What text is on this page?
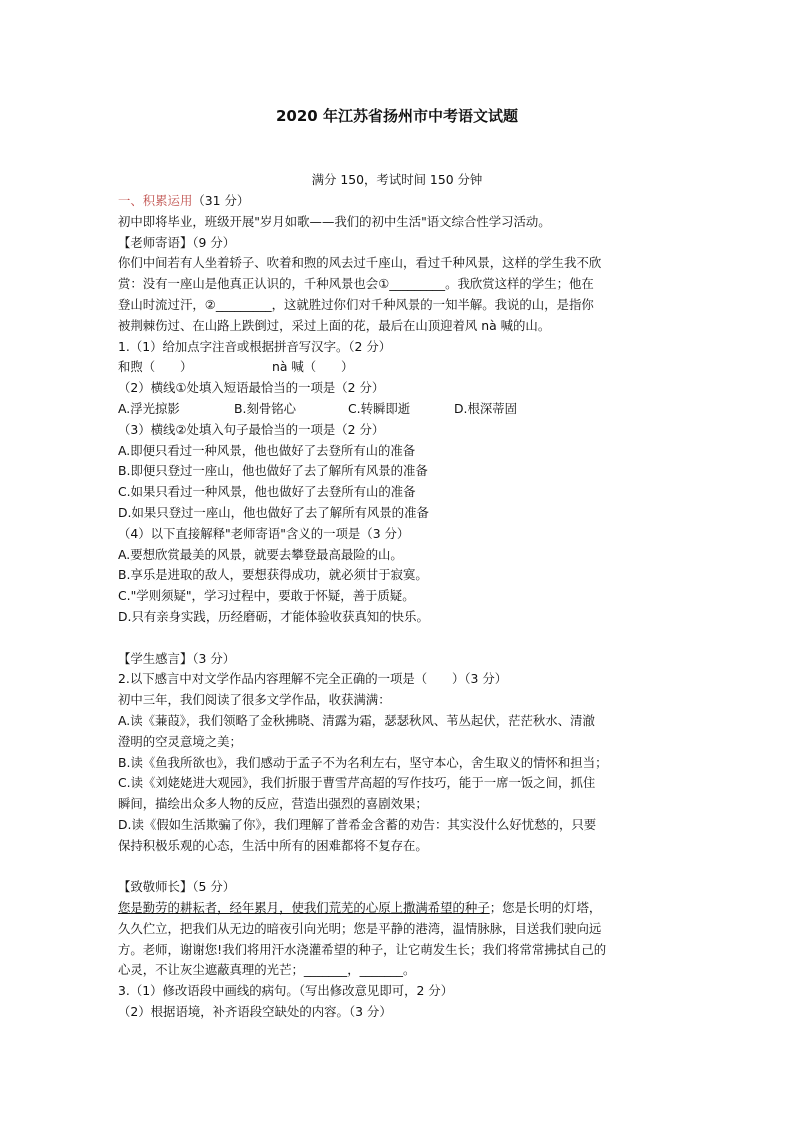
2020 年江苏省扬州市中考语文试题
满分 150，考试时间 150 分钟
一、积累运用（31 分）
初中即将毕业，班级开展"岁月如歌——我们的初中生活"语文综合性学习活动。
【老师寄语】（9 分）
你们中间若有人坐着轿子、吹着和煦的风去过千座山，看过千种风景，这样的学生我不欣
赏：没有一座山是他真正认识的，千种风景也会①_________。我欣赏这样的学生；他在
登山时流过汗，②_________，这就胜过你们对千种风景的一知半解。我说的山，是指你
被荆棘伤过、在山路上跌倒过，采过上面的花，最后在山顶迎着风 nà 喊的山。
1.（1）给加点字注音或根据拼音写汉字。（2 分）
和煦（　　）	nà 喊（　　）
（2）横线①处填入短语最恰当的一项是（2 分）
A.浮光掠影	B.刻骨铭心	C.转瞬即逝	D.根深蒂固
（3）横线②处填入句子最恰当的一项是（2 分）
A.即便只看过一种风景，他也做好了去登所有山的准备
B.即便只登过一座山，他也做好了去了解所有风景的准备
C.如果只看过一种风景，他也做好了去登所有山的准备
D.如果只登过一座山，他也做好了去了解所有风景的准备
（4）以下直接解释"老师寄语"含义的一项是（3 分）
A.要想欣赏最美的风景，就要去攀登最高最险的山。
B.享乐是进取的敌人，要想获得成功，就必须甘于寂寞。
C."学则须疑"，学习过程中，要敢于怀疑，善于质疑。
D.只有亲身实践，历经磨砺，才能体验收获真知的快乐。
【学生感言】（3 分）
2.以下感言中对文学作品内容理解不完全正确的一项是（　　）（3 分）
初中三年，我们阅读了很多文学作品，收获满满：
A.读《蒹葭》，我们领略了金秋拂晓、清露为霜，瑟瑟秋风、苇丛起伏，茫茫秋水、清澈
澄明的空灵意境之美；
B.读《鱼我所欲也》，我们感动于孟子不为名利左右，坚守本心，舍生取义的情怀和担当；
C.读《刘姥姥进大观园》，我们折服于曹雪芹高超的写作技巧，能于一席一饭之间，抓住
瞬间，描绘出众多人物的反应，营造出强烈的喜剧效果；
D.读《假如生活欺骗了你》，我们理解了普希金含蓄的劝告：其实没什么好忧愁的，只要
保持积极乐观的心态，生活中所有的困难都将不复存在。
【致敬师长】（5 分）
您是勤劳的耕耘者，经年累月，使我们荒芜的心原上撒满希望的种子；您是长明的灯塔，
久久伫立，把我们从无边的暗夜引向光明；您是平静的港湾，温情脉脉，目送我们驶向远
方。老师，谢谢您!我们将用汗水浇灌希望的种子，让它萌发生长；我们将常常拂拭自己的
心灵，不让灰尘遮蔽真理的光芒；_______，_______。
3.（1）修改语段中画线的病句。（写出修改意见即可，2 分）
（2）根据语境，补齐语段空缺处的内容。（3 分）
